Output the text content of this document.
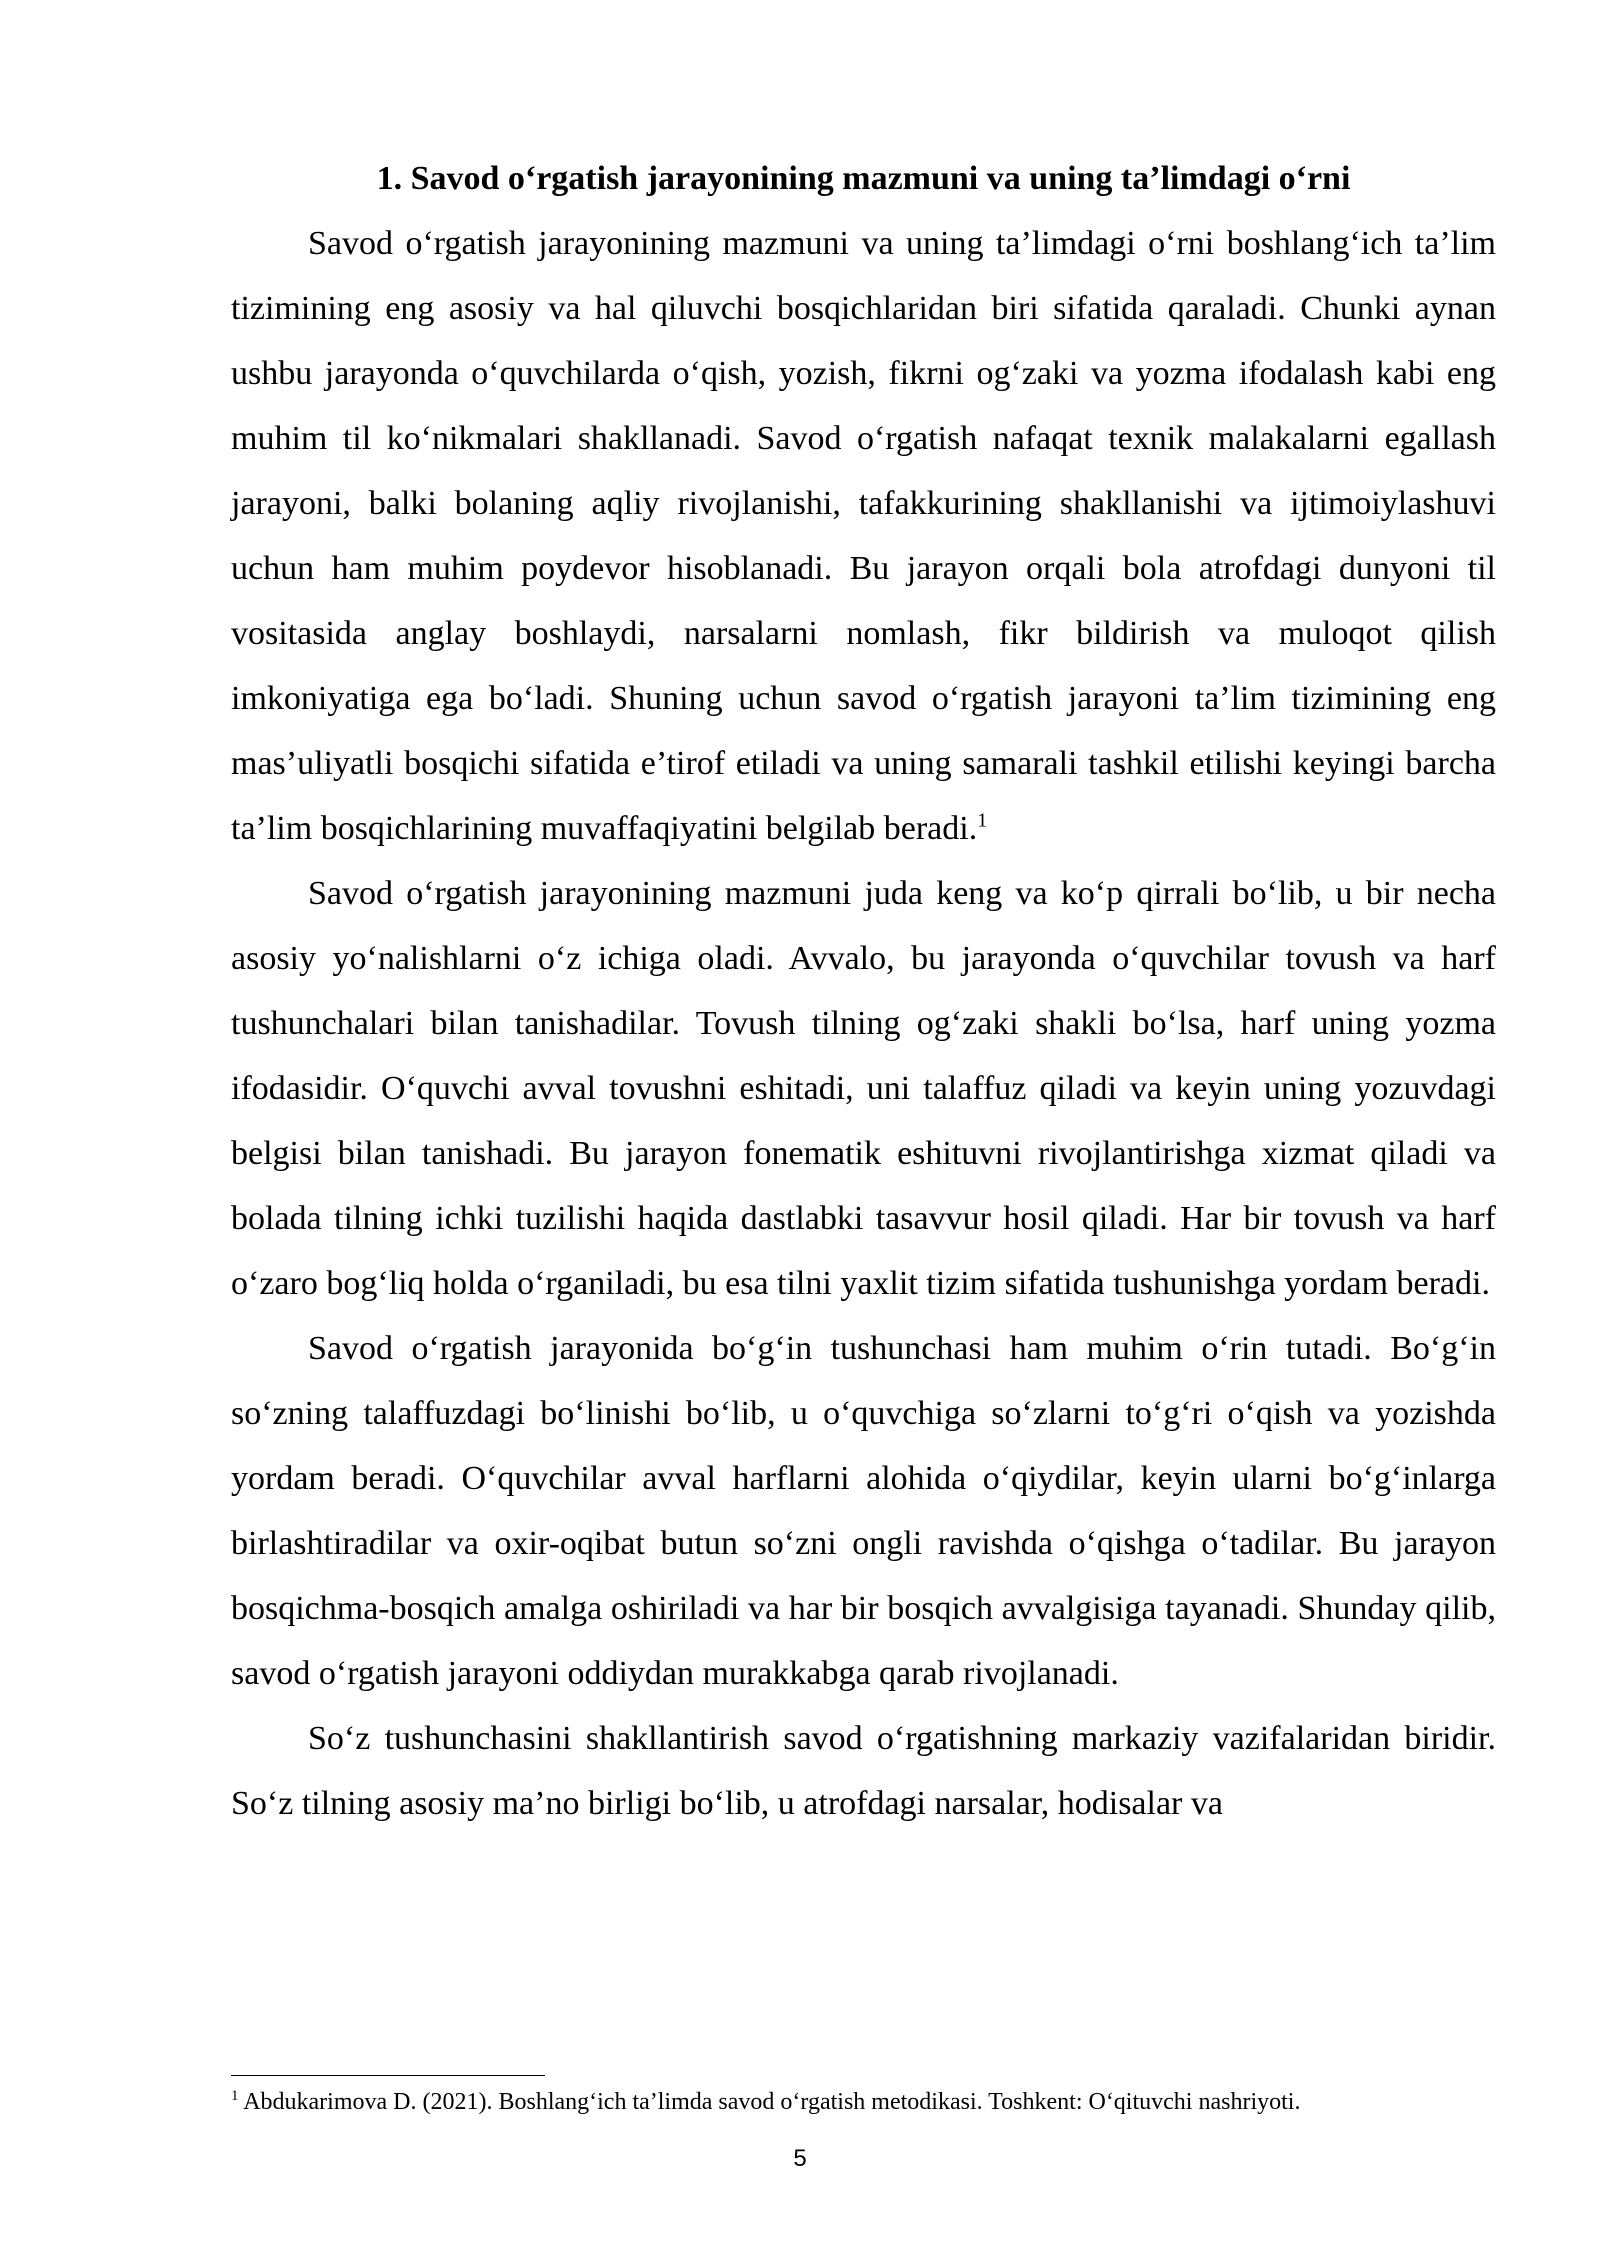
1. Savod o‘rgatish jarayonining mazmuni va uning ta’limdagi o‘rni

Savod o‘rgatish jarayonining mazmuni va uning ta’limdagi o‘rni boshlang‘ich ta’lim tizimining eng asosiy va hal qiluvchi bosqichlaridan biri sifatida qaraladi. Chunki aynan ushbu jarayonda o‘quvchilarda o‘qish, yozish, fikrni og‘zaki va yozma ifodalash kabi eng muhim til ko‘nikmalari shakllanadi. Savod o‘rgatish nafaqat texnik malakalarni egallash jarayoni, balki bolaning aqliy rivojlanishi, tafakkurining shakllanishi va ijtimoiylashuvi uchun ham muhim poydevor hisoblanadi. Bu jarayon orqali bola atrofdagi dunyoni til vositasida anglay boshlaydi, narsalarni nomlash, fikr bildirish va muloqot qilish imkoniyatiga ega bo‘ladi. Shuning uchun savod o‘rgatish jarayoni ta’lim tizimining eng mas’uliyatli bosqichi sifatida e’tirof etiladi va uning samarali tashkil etilishi keyingi barcha ta’lim bosqichlarining muvaffaqiyatini belgilab beradi.$^1$

Savod o‘rgatish jarayonining mazmuni juda keng va ko‘p qirrali bo‘lib, u bir necha asosiy yo‘nalishlarni o‘z ichiga oladi. Avvalo, bu jarayonda o‘quvchilar tovush va harf tushunchalari bilan tanishadilar. Tovush tilning og‘zaki shakli bo‘lsa, harf uning yozma ifodasidir. O‘quvchi avval tovushni eshitadi, uni talaffuz qiladi va keyin uning yozuvdagi belgisi bilan tanishadi. Bu jarayon fonematik eshituvni rivojlantirishga xizmat qiladi va bolada tilning ichki tuzilishi haqida dastlabki tasavvur hosil qiladi. Har bir tovush va harf o‘zaro bog‘liq holda o‘rganiladi, bu esa tilni yaxlit tizim sifatida tushunishga yordam beradi.

Savod o‘rgatish jarayonida bo‘g‘in tushunchasi ham muhim o‘rin tutadi. Bo‘g‘in so‘zning talaffuzdagi bo‘linishi bo‘lib, u o‘quvchiga so‘zlarni to‘g‘ri o‘qish va yozishda yordam beradi. O‘quvchilar avval harflarni alohida o‘qiydilar, keyin ularni bo‘g‘inlarga birlashtiradilar va oxir-oqibat butun so‘zni ongli ravishda o‘qishga o‘tadilar. Bu jarayon bosqichma-bosqich amalga oshiriladi va har bir bosqich avvalgisiga tayanadi. Shunday qilib, savod o‘rgatish jarayoni oddiydan murakkabga qarab rivojlanadi.

So‘z tushunchasini shakllantirish savod o‘rgatishning markaziy vazifalaridan biridir. So‘z tilning asosiy ma’no birligi bo‘lib, u atrofdagi narsalar, hodisalar va

$^1$ Abdukarimova D. (2021). Boshlang‘ich ta’limda savod o‘rgatish metodikasi. Toshkent: O‘qituvchi nashriyoti.
5
